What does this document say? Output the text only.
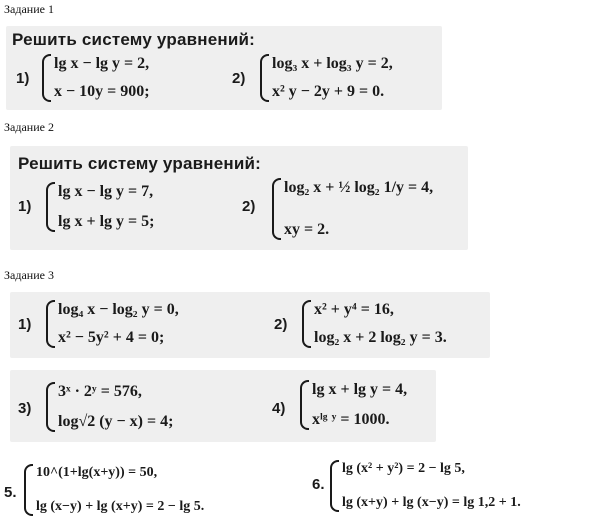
Задание 1
Решить систему уравнений:
1)
lg x − lg y = 2,
x − 10y = 900;
2)
log₃ x + log₃ y = 2,
x² y − 2y + 9 = 0.
Задание 2
Решить систему уравнений:
1)
lg x − lg y = 7,
lg x + lg y = 5;
2)
log₂ x + ½ log₂ 1/y = 4,
xy = 2.
Задание 3
1)
log₄ x − log₂ y = 0,
x² − 5y² + 4 = 0;
2)
x² + y⁴ = 16,
log₂ x + 2 log₂ y = 3.
3)
3ˣ · 2ʸ = 576,
log√2 (y − x) = 4;
4)
lg x + lg y = 4,
xˡᵍ ʸ = 1000.
5.
10^(1+lg(x+y)) = 50,
lg (x−y) + lg (x+y) = 2 − lg 5.
6.
lg (x² + y²) = 2 − lg 5,
lg (x+y) + lg (x−y) = lg 1,2 + 1.
